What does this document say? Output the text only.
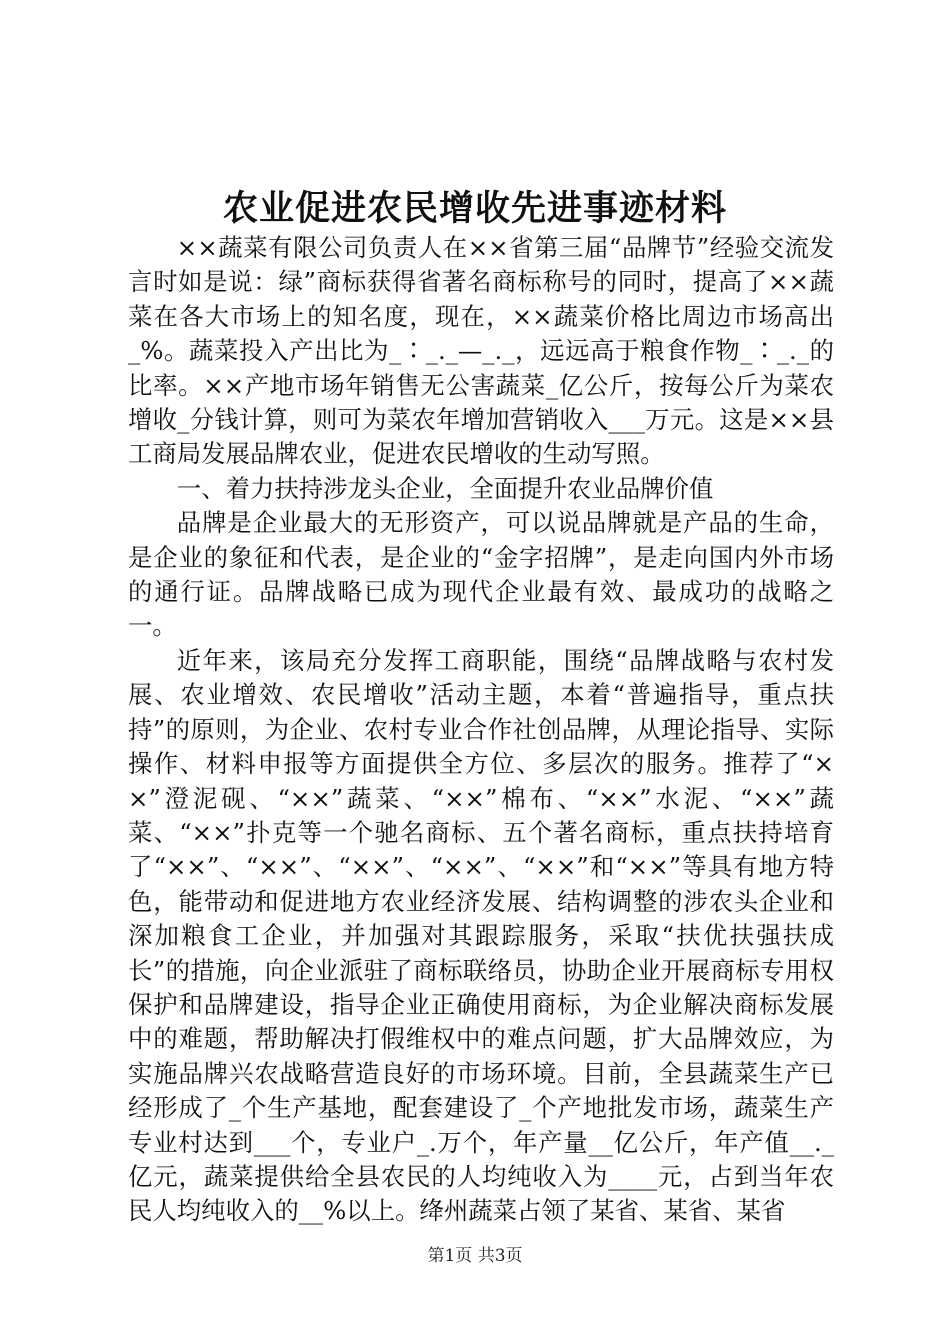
农业促进农民增收先进事迹材料

××蔬菜有限公司负责人在××省第三届“品牌节”经验交流发言时如是说：绿”商标获得省著名商标称号的同时，提高了××蔬菜在各大市场上的知名度，现在，××蔬菜价格比周边市场高出_%。蔬菜投入产出比为_∶_._—_._，远远高于粮食作物_∶_._的比率。××产地市场年销售无公害蔬菜_亿公斤，按每公斤为菜农增收_分钱计算，则可为菜农年增加营销收入___万元。这是××县工商局发展品牌农业，促进农民增收的生动写照。

一、着力扶持涉龙头企业，全面提升农业品牌价值

品牌是企业最大的无形资产，可以说品牌就是产品的生命，是企业的象征和代表，是企业的“金字招牌”，是走向国内外市场的通行证。品牌战略已成为现代企业最有效、最成功的战略之一。

近年来，该局充分发挥工商职能，围绕“品牌战略与农村发展、农业增效、农民增收”活动主题，本着“普遍指导，重点扶持”的原则，为企业、农村专业合作社创品牌，从理论指导、实际操作、材料申报等方面提供全方位、多层次的服务。推荐了“××”澄泥砚、“××”蔬菜、“××”棉布、“××”水泥、“××”蔬菜、“××”扑克等一个驰名商标、五个著名商标，重点扶持培育了“××”、“××”、“××”、“××”、“××”和“××”等具有地方特色，能带动和促进地方农业经济发展、结构调整的涉农头企业和深加粮食工企业，并加强对其跟踪服务，采取“扶优扶强扶成长”的措施，向企业派驻了商标联络员，协助企业开展商标专用权保护和品牌建设，指导企业正确使用商标，为企业解决商标发展中的难题，帮助解决打假维权中的难点问题，扩大品牌效应，为实施品牌兴农战略营造良好的市场环境。目前，全县蔬菜生产已经形成了_个生产基地，配套建设了_个产地批发市场，蔬菜生产专业村达到___个，专业户_.万个，年产量__亿公斤，年产值__._亿元，蔬菜提供给全县农民的人均纯收入为____元，占到当年农民人均纯收入的__%以上。绛州蔬菜占领了某省、某省、某省

第1页 共3页
